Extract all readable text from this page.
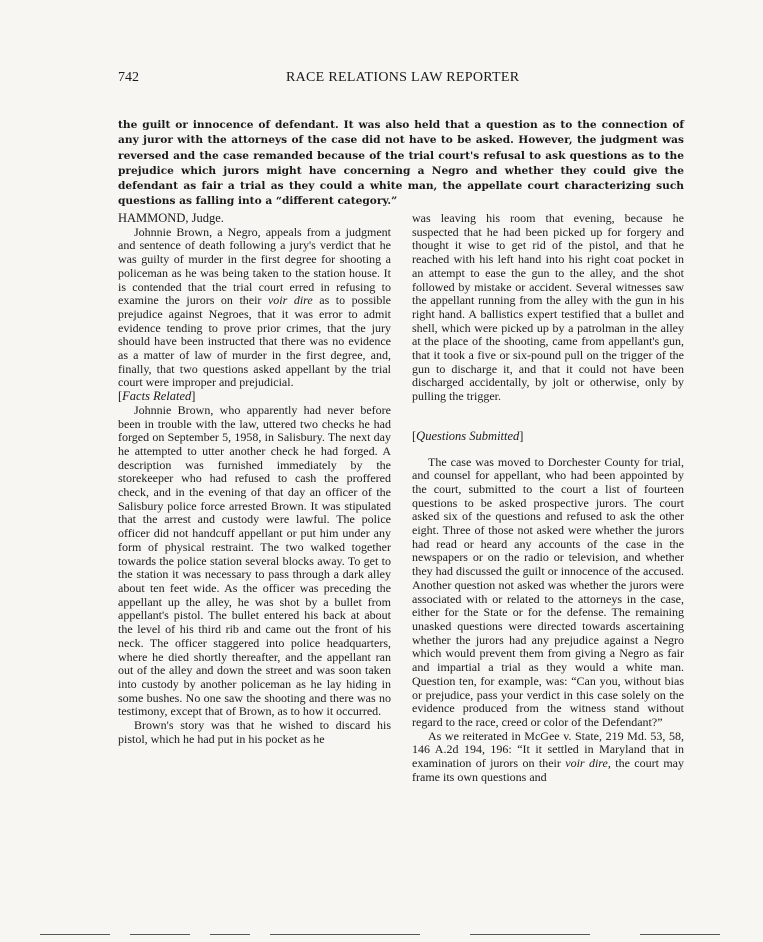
742	RACE RELATIONS LAW REPORTER
the guilt or innocence of defendant. It was also held that a question as to the connection of any juror with the attorneys of the case did not have to be asked. However, the judgment was reversed and the case remanded because of the trial court's refusal to ask questions as to the prejudice which jurors might have concerning a Negro and whether they could give the defendant as fair a trial as they could a white man, the appellate court characterizing such questions as falling into a “different category.”

HAMMOND, Judge.

Johnnie Brown, a Negro, appeals from a judgment and sentence of death following a jury's verdict that he was guilty of murder in the first degree for shooting a policeman as he was being taken to the station house. It is contended that the trial court erred in refusing to examine the jurors on their voir dire as to possible prejudice against Negroes, that it was error to admit evidence tending to prove prior crimes, that the jury should have been instructed that there was no evidence as a matter of law of murder in the first degree, and, finally, that two questions asked appellant by the trial court were improper and prejudicial.

[Facts Related]

Johnnie Brown, who apparently had never before been in trouble with the law, uttered two checks he had forged on September 5, 1958, in Salisbury. The next day he attempted to utter another check he had forged. A description was furnished immediately by the storekeeper who had refused to cash the proffered check, and in the evening of that day an officer of the Salisbury police force arrested Brown. It was stipulated that the arrest and custody were lawful. The police officer did not handcuff appellant or put him under any form of physical restraint. The two walked together towards the police station several blocks away. To get to the station it was necessary to pass through a dark alley about ten feet wide. As the officer was preceding the appellant up the alley, he was shot by a bullet from appellant's pistol. The bullet entered his back at about the level of his third rib and came out the front of his neck. The officer staggered into police headquarters, where he died shortly thereafter, and the appellant ran out of the alley and down the street and was soon taken into custody by another policeman as he lay hiding in some bushes. No one saw the shooting and there was no testimony, except that of Brown, as to how it occurred.

Brown's story was that he wished to discard his pistol, which he had put in his pocket as he

was leaving his room that evening, because he suspected that he had been picked up for forgery and thought it wise to get rid of the pistol, and that he reached with his left hand into his right coat pocket in an attempt to ease the gun to the alley, and the shot followed by mistake or accident. Several witnesses saw the appellant running from the alley with the gun in his right hand. A ballistics expert testified that a bullet and shell, which were picked up by a patrolman in the alley at the place of the shooting, came from appellant's gun, that it took a five or six-pound pull on the trigger of the gun to discharge it, and that it could not have been discharged accidentally, by jolt or otherwise, only by pulling the trigger.

[Questions Submitted]

The case was moved to Dorchester County for trial, and counsel for appellant, who had been appointed by the court, submitted to the court a list of fourteen questions to be asked prospective jurors. The court asked six of the questions and refused to ask the other eight. Three of those not asked were whether the jurors had read or heard any accounts of the case in the newspapers or on the radio or television, and whether they had discussed the guilt or innocence of the accused. Another question not asked was whether the jurors were associated with or related to the attorneys in the case, either for the State or for the defense. The remaining unasked questions were directed towards ascertaining whether the jurors had any prejudice against a Negro which would prevent them from giving a Negro as fair and impartial a trial as they would a white man. Question ten, for example, was: “Can you, without bias or prejudice, pass your verdict in this case solely on the evidence produced from the witness stand without regard to the race, creed or color of the Defendant?”

As we reiterated in McGee v. State, 219 Md. 53, 58, 146 A.2d 194, 196: “It it settled in Maryland that in examination of jurors on their voir dire, the court may frame its own questions and
